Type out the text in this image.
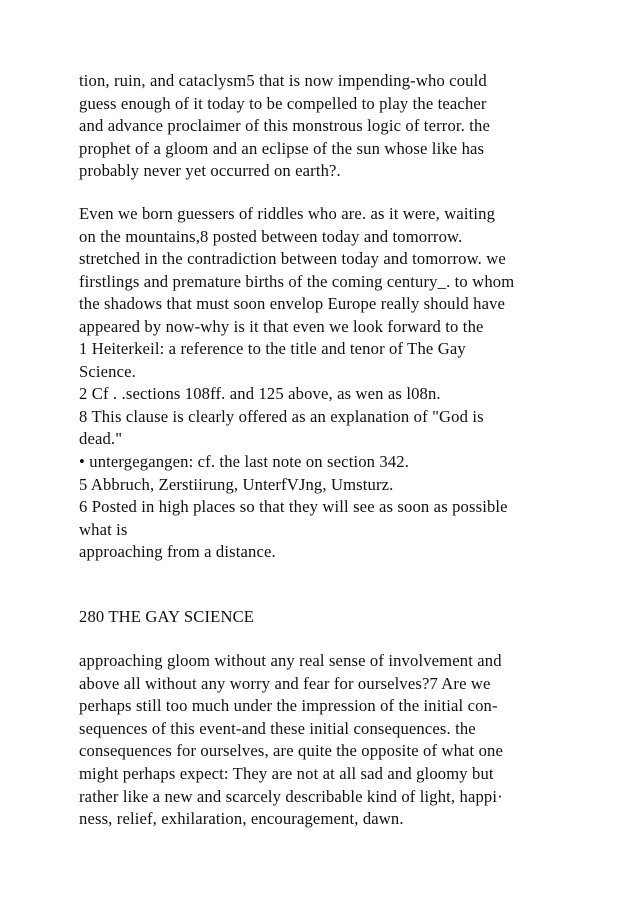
tion, ruin, and cataclysm5 that is now impending-who could
guess enough of it today to be compelled to play the teacher
and advance proclaimer of this monstrous logic of terror. the
prophet of a gloom and an eclipse of the sun whose like has
probably never yet occurred on earth?.
Even we born guessers of riddles who are. as it were, waiting
on the mountains,8 posted between today and tomorrow.
stretched in the contradiction between today and tomorrow. we
firstlings and premature births of the coming century_. to whom
the shadows that must soon envelop Europe really should have
appeared by now-why is it that even we look forward to the
1 Heiterkeil: a reference to the title and tenor of The Gay
Science.
2 Cf . .sections 108ff. and 125 above, as wen as l08n.
8 This clause is clearly offered as an explanation of "God is
dead."
• untergegangen: cf. the last note on section 342.
5 Abbruch, Zerstiirung, UnterfVJng, Umsturz.
6 Posted in high places so that they will see as soon as possible
what is
approaching from a distance.
280 THE GAY SCIENCE
approaching gloom without any real sense of involvement and
above all without any worry and fear for ourselves?7 Are we
perhaps still too much under the impression of the initial con-
sequences of this event-and these initial consequences. the
consequences for ourselves, are quite the opposite of what one
might perhaps expect: They are not at all sad and gloomy but
rather like a new and scarcely describable kind of light, happi·
ness, relief, exhilaration, encouragement, dawn.
